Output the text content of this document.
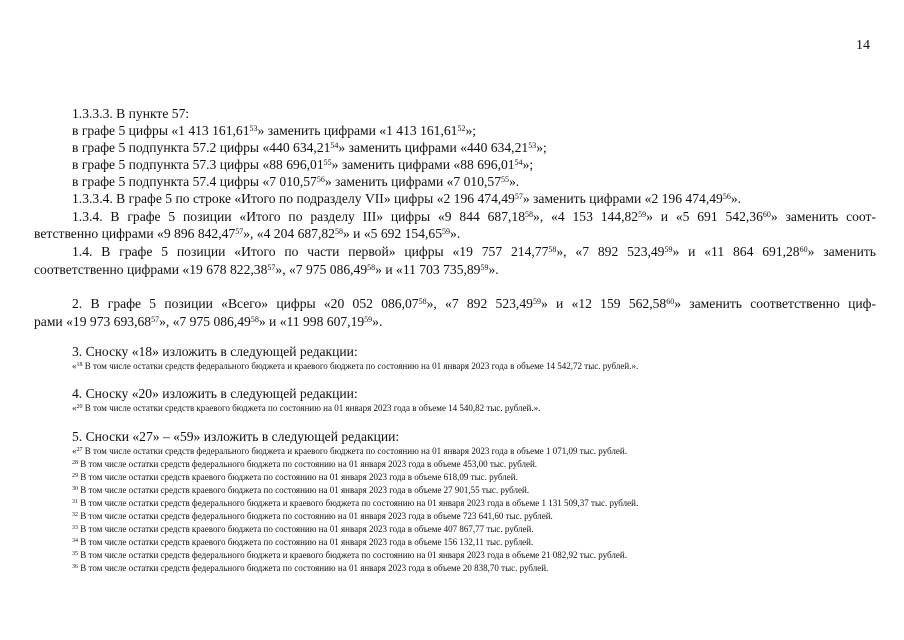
14
1.3.3.3. В пункте 57:
в графе 5 цифры «1 413 161,61$^{53}$» заменить цифрами «1 413 161,61$^{52}$»;
в графе 5 подпункта 57.2 цифры «440 634,21$^{54}$» заменить цифрами «440 634,21$^{53}$»;
в графе 5 подпункта 57.3 цифры «88 696,01$^{55}$» заменить цифрами «88 696,01$^{54}$»;
в графе 5 подпункта 57.4 цифры «7 010,57$^{56}$» заменить цифрами «7 010,57$^{55}$».
1.3.3.4. В графе 5 по строке «Итого по подразделу VII» цифры «2 196 474,49$^{57}$» заменить цифрами «2 196 474,49$^{56}$».
1.3.4. В графе 5 позиции «Итого по разделу III» цифры «9 844 687,18$^{58}$», «4 153 144,82$^{59}$» и «5 691 542,36$^{60}$» заменить соот-
ветственно цифрами «9 896 842,47$^{57}$», «4 204 687,82$^{58}$» и «5 692 154,65$^{59}$».
1.4. В графе 5 позиции «Итого по части первой» цифры «19 757 214,77$^{58}$», «7 892 523,49$^{59}$» и «11 864 691,28$^{60}$» заменить
соответственно цифрами «19 678 822,38$^{57}$», «7 975 086,49$^{58}$» и «11 703 735,89$^{59}$».
2. В графе 5 позиции «Всего» цифры «20 052 086,07$^{58}$», «7 892 523,49$^{59}$» и «12 159 562,58$^{60}$» заменить соответственно циф-
рами «19 973 693,68$^{57}$», «7 975 086,49$^{58}$» и «11 998 607,19$^{59}$».
3. Сноску «18» изложить в следующей редакции:
«$^{18}$ В том числе остатки средств федерального бюджета и краевого бюджета по состоянию на 01 января 2023 года в объеме 14 542,72 тыс. рублей.».
4. Сноску «20» изложить в следующей редакции:
«$^{20}$ В том числе остатки средств краевого бюджета по состоянию на 01 января 2023 года в объеме 14 540,82 тыс. рублей.».
5. Сноски «27» – «59» изложить в следующей редакции:
«$^{27}$ В том числе остатки средств федерального бюджета и краевого бюджета по состоянию на 01 января 2023 года в объеме 1 071,09 тыс. рублей.
$^{28}$ В том числе остатки средств федерального бюджета по состоянию на 01 января 2023 года в объеме 453,00 тыс. рублей.
$^{29}$ В том числе остатки средств краевого бюджета по состоянию на 01 января 2023 года в объеме 618,09 тыс. рублей.
$^{30}$ В том числе остатки средств краевого бюджета по состоянию на 01 января 2023 года в объеме 27 901,55 тыс. рублей.
$^{31}$ В том числе остатки средств федерального бюджета и краевого бюджета по состоянию на 01 января 2023 года в объеме 1 131 509,37 тыс. рублей.
$^{32}$ В том числе остатки средств федерального бюджета по состоянию на 01 января 2023 года в объеме 723 641,60 тыс. рублей.
$^{33}$ В том числе остатки средств краевого бюджета по состоянию на 01 января 2023 года в объеме 407 867,77 тыс. рублей.
$^{34}$ В том числе остатки средств краевого бюджета по состоянию на 01 января 2023 года в объеме 156 132,11 тыс. рублей.
$^{35}$ В том числе остатки средств федерального бюджета и краевого бюджета по состоянию на 01 января 2023 года в объеме 21 082,92 тыс. рублей.
$^{36}$ В том числе остатки средств федерального бюджета по состоянию на 01 января 2023 года в объеме 20 838,70 тыс. рублей.
